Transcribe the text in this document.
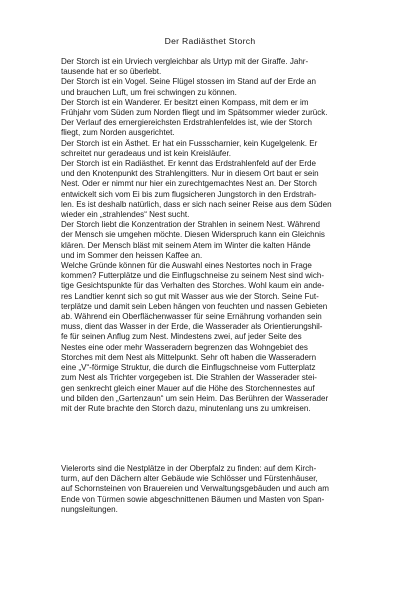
Der Radiästhet Storch
Der Storch ist ein Urviech vergleichbar als Urtyp mit der Giraffe. Jahr-
tausende hat er so überlebt.
Der Storch ist ein Vogel. Seine Flügel stossen im Stand auf der Erde an
und brauchen Luft, um frei schwingen zu können.
Der Storch ist ein Wanderer. Er besitzt einen Kompass, mit dem er im
Frühjahr vom Süden zum Norden fliegt und im Spätsommer wieder zurück.
Der Verlauf des ernergiereichsten Erdstrahlenfeldes ist, wie der Storch
fliegt, zum Norden ausgerichtet.
Der Storch ist ein Ästhet. Er hat ein Fussscharnier, kein Kugelgelenk. Er
schreitet nur geradeaus und ist kein Kreisläufer.
Der Storch ist ein Radiästhet. Er kennt das Erdstrahlenfeld auf der Erde
und den Knotenpunkt des Strahlengitters. Nur in diesem Ort baut er sein
Nest. Oder er nimmt nur hier ein zurechtgemachtes Nest an. Der Storch
entwickelt sich vom Ei bis zum flugsicheren Jungstorch in den Erdstrah-
len. Es ist deshalb natürlich, dass er sich nach seiner Reise aus dem Süden
wieder ein „strahlendes“ Nest sucht.
Der Storch liebt die Konzentration der Strahlen in seinem Nest. Während
der Mensch sie umgehen möchte. Diesen Widerspruch kann ein Gleichnis
klären. Der Mensch bläst mit seinem Atem im Winter die kalten Hände
und im Sommer den heissen Kaffee an.
Welche Gründe können für die Auswahl eines Nestortes noch in Frage
kommen? Futterplätze und die Einflugschneise zu seinem Nest sind wich-
tige Gesichtspunkte für das Verhalten des Storches. Wohl kaum ein ande-
res Landtier kennt sich so gut mit Wasser aus wie der Storch. Seine Fut-
terplätze und damit sein Leben hängen von feuchten und nassen Gebieten
ab. Während ein Oberflächenwasser für seine Ernährung vorhanden sein
muss, dient das Wasser in der Erde, die Wasserader als Orientierungshil-
fe für seinen Anflug zum Nest. Mindestens zwei, auf jeder Seite des
Nestes eine oder mehr Wasseradern begrenzen das Wohngebiet des
Storches mit dem Nest als Mittelpunkt. Sehr oft haben die Wasseradern
eine „V“-förmige Struktur, die durch die Einflugschneise vom Futterplatz
zum Nest als Trichter vorgegeben ist. Die Strahlen der Wasserader stei-
gen senkrecht gleich einer Mauer auf die Höhe des Storchennestes auf
und bilden den „Gartenzaun“ um sein Heim. Das Berühren der Wasserader
mit der Rute brachte den Storch dazu, minutenlang uns zu umkreisen.
Vielerorts sind die Nestplätze in der Oberpfalz zu finden: auf dem Kirch-
turm, auf den Dächern alter Gebäude wie Schlösser und Fürstenhäuser,
auf Schornsteinen von Brauereien und Verwaltungsgebäuden und auch am
Ende von Türmen sowie abgeschnittenen Bäumen und Masten von Span-
nungsleitungen.
